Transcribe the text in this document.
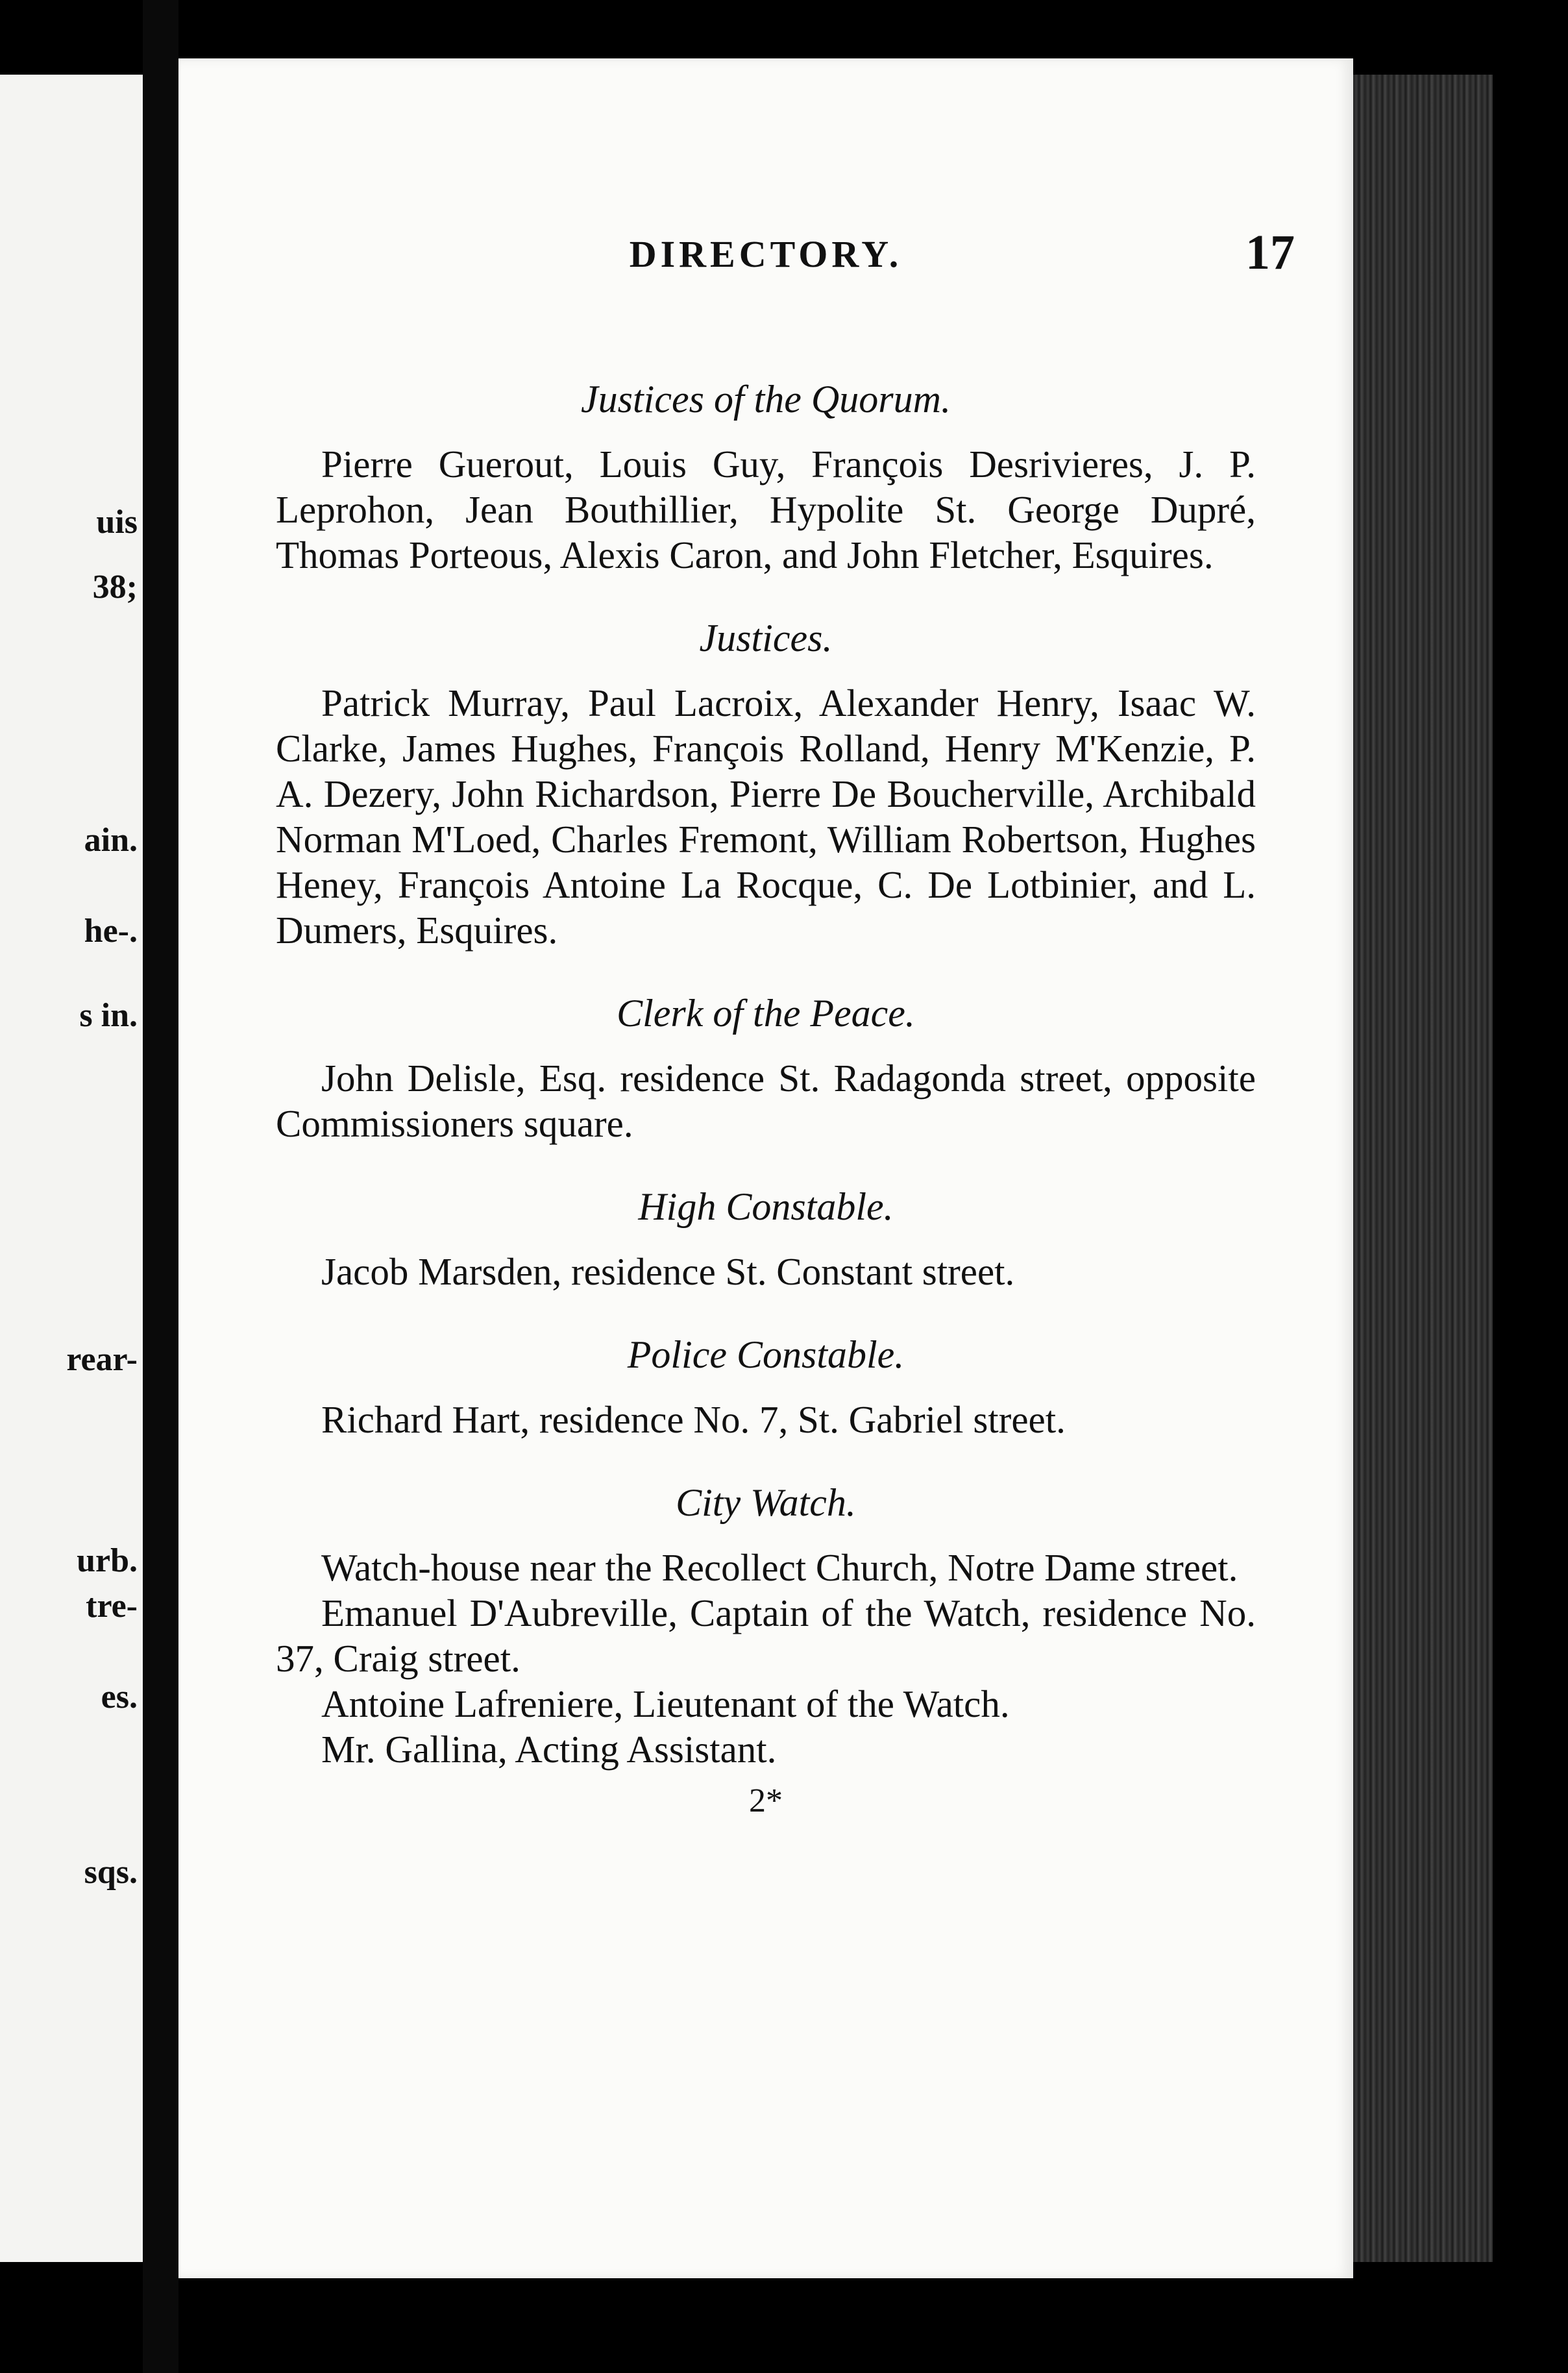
uis
38;
ain.
he-.
s in.
rear-
urb.
tre-
es.
sqs.
DIRECTORY.	17
Justices of the Quorum.

Pierre Guerout, Louis Guy, François Desrivieres, J. P. Leprohon, Jean Bouthillier, Hypolite St. George Dupré, Thomas Porteous, Alexis Caron, and John Fletcher, Esquires.

Justices.

Patrick Murray, Paul Lacroix, Alexander Henry, Isaac W. Clarke, James Hughes, François Rolland, Henry M'Kenzie, P. A. Dezery, John Richardson, Pierre De Boucherville, Archibald Norman M'Loed, Charles Fremont, William Robertson, Hughes Heney, François Antoine La Rocque, C. De Lotbinier, and L. Dumers, Esquires.

Clerk of the Peace.

John Delisle, Esq. residence St. Radagonda street, opposite Commissioners square.

High Constable.

Jacob Marsden, residence St. Constant street.

Police Constable.

Richard Hart, residence No. 7, St. Gabriel street.

City Watch.

Watch-house near the Recollect Church, Notre Dame street.

Emanuel D'Aubreville, Captain of the Watch, residence No. 37, Craig street.

Antoine Lafreniere, Lieutenant of the Watch.

Mr. Gallina, Acting Assistant.

2*
